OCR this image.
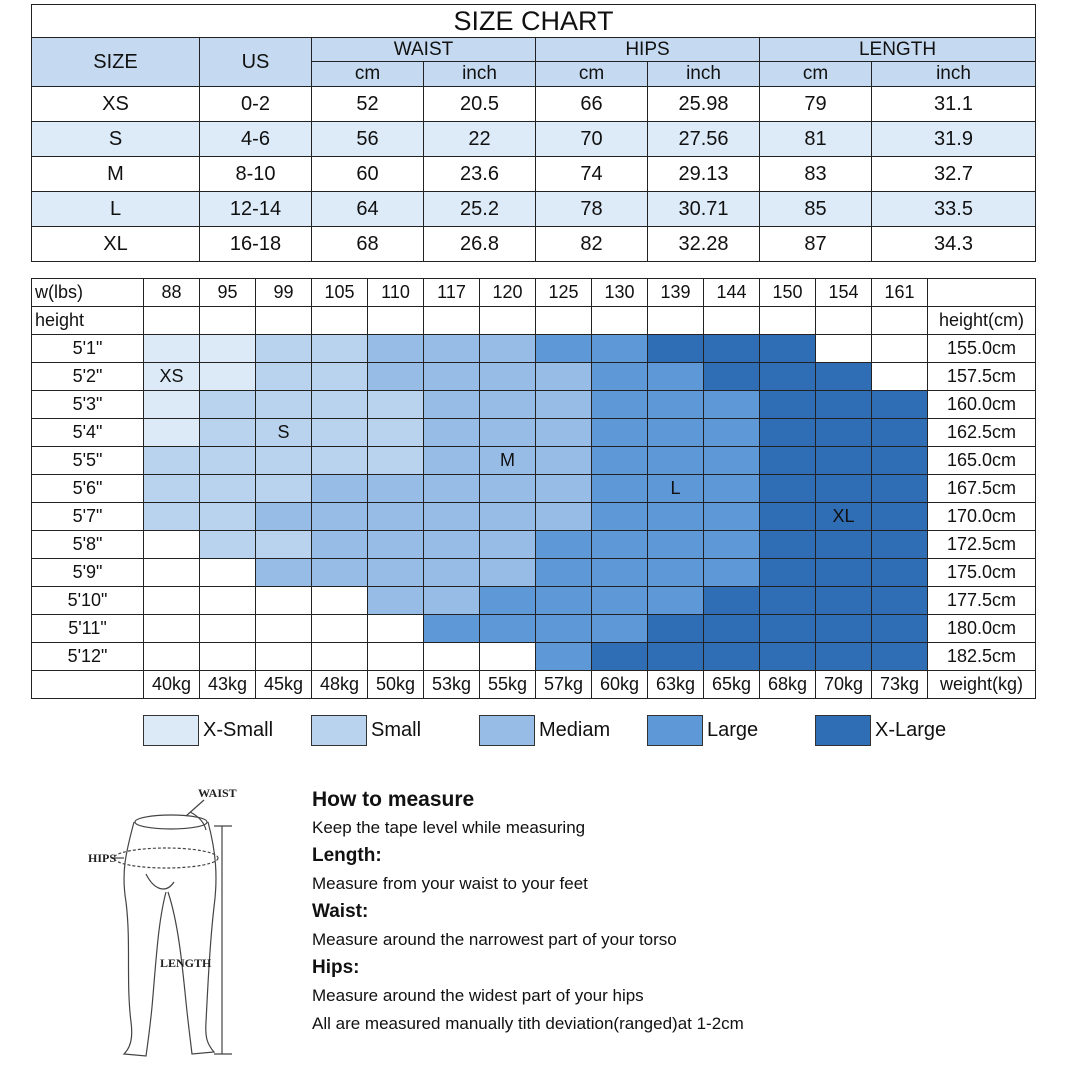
SIZE CHART							
SIZE	US	WAIST		HIPS		LENGTH	
		cm	inch	cm	inch	cm	inch
XS	0-2	52	20.5	66	25.98	79	31.1
S	4-6	56	22	70	27.56	81	31.9
M	8-10	60	23.6	74	29.13	83	32.7
L	12-14	64	25.2	78	30.71	85	33.5
XL	16-18	68	26.8	82	32.28	87	34.3
w(lbs)	88	95	99	105	110	117	120	125	130	139	144	150	154	161	
height															height(cm)
5'1"															155.0cm
5'2"	XS														157.5cm
5'3"															160.0cm
5'4"			S												162.5cm
5'5"							M								165.0cm
5'6"										L					167.5cm
5'7"													XL		170.0cm
5'8"															172.5cm
5'9"															175.0cm
5'10"															177.5cm
5'11"															180.0cm
5'12"															182.5cm
	40kg	43kg	45kg	48kg	50kg	53kg	55kg	57kg	60kg	63kg	65kg	68kg	70kg	73kg	weight(kg)
X-Small	Small	Mediam	Large	X-Large
WAIST
HIPS
LENGTH
How to measure
Keep the tape level while measuring
Length:
Measure from your waist to your feet
Waist:
Measure around the narrowest part of your torso
Hips:
Measure around the widest part of your hips
All are measured manually tith deviation(ranged)at 1-2cm
